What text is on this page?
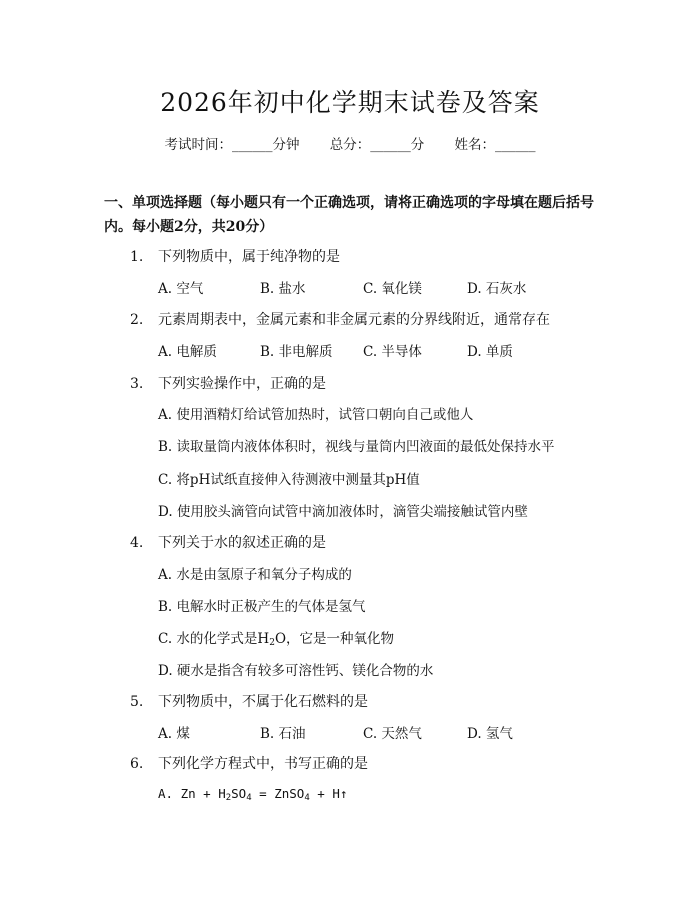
2026年初中化学期末试卷及答案
考试时间：______分钟 总分：______分 姓名：______
一、单项选择题（每小题只有一个正确选项，请将正确选项的字母填在题后括号内。每小题2分，共20分）
1. 下列物质中，属于纯净物的是
A. 空气	B. 盐水	C. 氧化镁	D. 石灰水
2. 元素周期表中，金属元素和非金属元素的分界线附近，通常存在
A. 电解质	B. 非电解质 C. 半导体	D. 单质
3. 下列实验操作中，正确的是
A. 使用酒精灯给试管加热时，试管口朝向自己或他人
B. 读取量筒内液体体积时，视线与量筒内凹液面的最低处保持水平
C. 将pH试纸直接伸入待测液中测量其pH值
D. 使用胶头滴管向试管中滴加液体时，滴管尖端接触试管内壁
4. 下列关于水的叙述正确的是
A. 水是由氢原子和氧分子构成的
B. 电解水时正极产生的气体是氢气
C. 水的化学式是$H_2O$，它是一种氧化物
D. 硬水是指含有较多可溶性钙、镁化合物的水
5. 下列物质中，不属于化石燃料的是
A. 煤	B. 石油	C. 天然气	D. 氢气
6. 下列化学方程式中，书写正确的是
A. $Zn + H_2SO_4$ = ZnSO$_4$ + H↑
